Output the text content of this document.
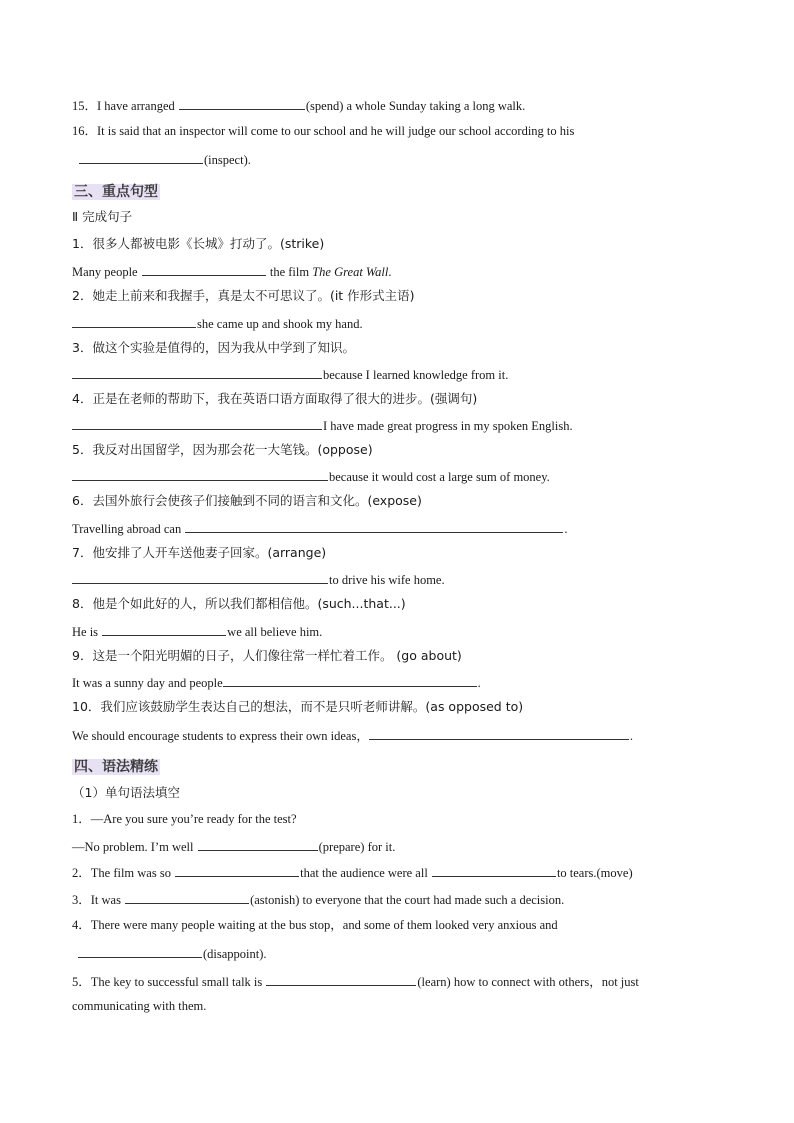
15．I have arranged	(spend) a whole Sunday taking a long walk.
16．It is said that an inspector will come to our school and he will judge our school according to his
(inspect).
三、重点句型
Ⅱ 完成句子
1．很多人都被电影《长城》打动了。(strike)
Many people	the film The Great Wall.
2．她走上前来和我握手，真是太不可思议了。(it 作形式主语)
she came up and shook my hand.
3．做这个实验是值得的，因为我从中学到了知识。
because I learned knowledge from it.
4．正是在老师的帮助下，我在英语口语方面取得了很大的进步。(强调句)
I have made great progress in my spoken English.
5．我反对出国留学，因为那会花一大笔钱。(oppose)
because it would cost a large sum of money.
6．去国外旅行会使孩子们接触到不同的语言和文化。(expose)
Travelling abroad can	.
7．他安排了人开车送他妻子回家。(arrange)
to drive his wife home.
8．他是个如此好的人，所以我们都相信他。(such...that...)
He is	we all believe him.
9．这是一个阳光明媚的日子，人们像往常一样忙着工作。 (go about)
It was a sunny day and people	.
10．我们应该鼓励学生表达自己的想法，而不是只听老师讲解。(as opposed to)
We should encourage students to express their own ideas，	.
四、语法精练
（1）单句语法填空
1．—Are you sure you’re ready for the test?
—No problem. I’m well	(prepare) for it.
2．The film was so	that the audience were all	to tears.(move)
3．It was	(astonish) to everyone that the court had made such a decision.
4．There were many people waiting at the bus stop，and some of them looked very anxious and
(disappoint).
5．The key to successful small talk is	(learn) how to connect with others，not just
communicating with them.
